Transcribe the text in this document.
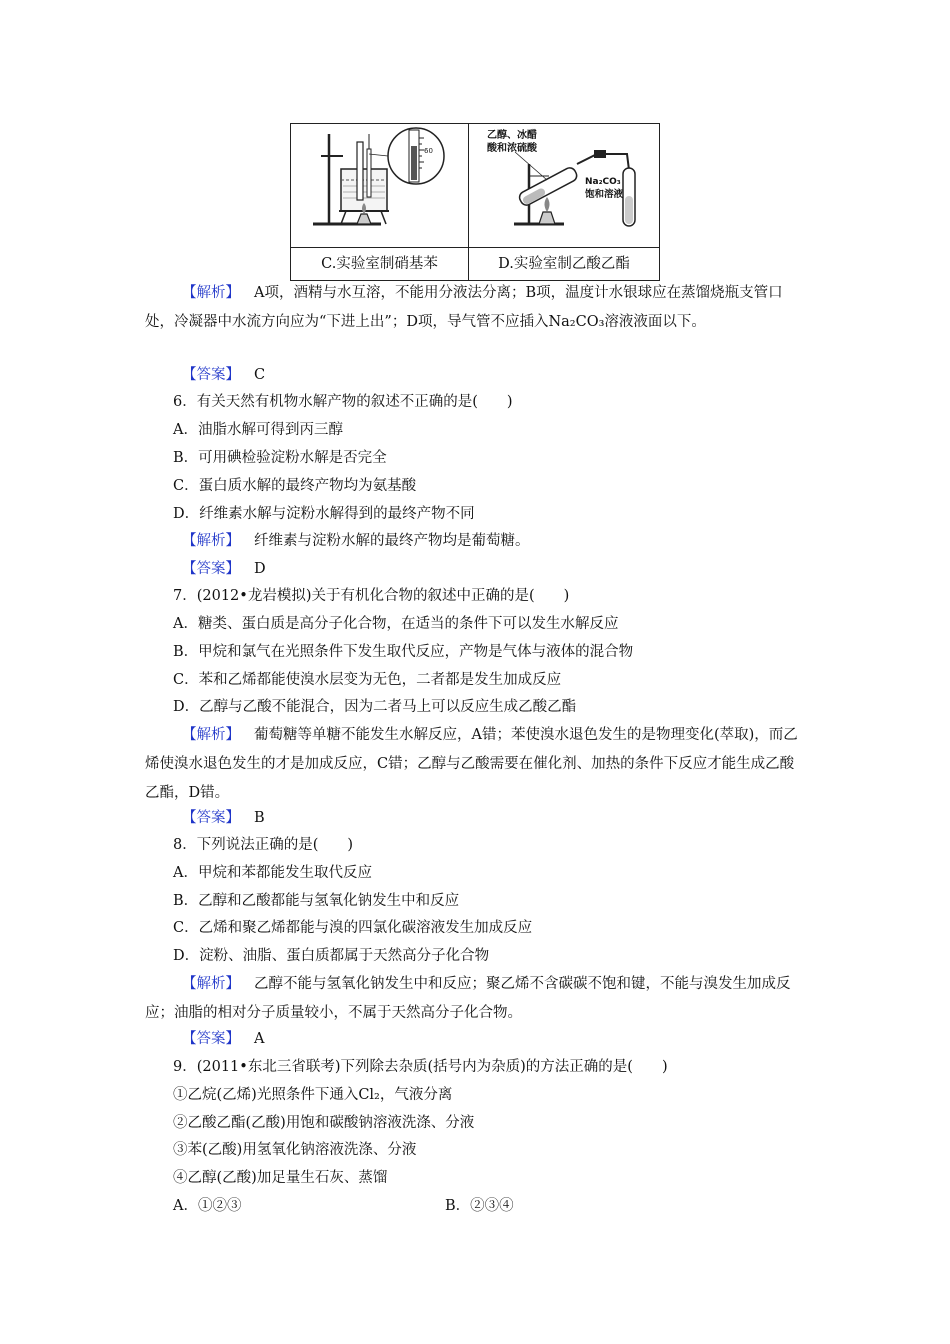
60
乙醇、冰醋
酸和浓硫酸
Na₂CO₃
饱和溶液
C.实验室制硝基苯	D.实验室制乙酸乙酯
【解析】 A项，酒精与水互溶，不能用分液法分离；B项，温度计水银球应在蒸馏烧瓶支管口处，冷凝器中水流方向应为“下进上出”；D项，导气管不应插入Na₂CO₃溶液液面以下。
【答案】 C
6．有关天然有机物水解产物的叙述不正确的是(　　)
A．油脂水解可得到丙三醇
B．可用碘检验淀粉水解是否完全
C．蛋白质水解的最终产物均为氨基酸
D．纤维素水解与淀粉水解得到的最终产物不同
【解析】 纤维素与淀粉水解的最终产物均是葡萄糖。
【答案】 D
7．(2012•龙岩模拟)关于有机化合物的叙述中正确的是(　　)
A．糖类、蛋白质是高分子化合物，在适当的条件下可以发生水解反应
B．甲烷和氯气在光照条件下发生取代反应，产物是气体与液体的混合物
C．苯和乙烯都能使溴水层变为无色，二者都是发生加成反应
D．乙醇与乙酸不能混合，因为二者马上可以反应生成乙酸乙酯
【解析】 葡萄糖等单糖不能发生水解反应，A错；苯使溴水退色发生的是物理变化(萃取)，而乙烯使溴水退色发生的才是加成反应，C错；乙醇与乙酸需要在催化剂、加热的条件下反应才能生成乙酸乙酯，D错。
【答案】 B
8．下列说法正确的是(　　)
A．甲烷和苯都能发生取代反应
B．乙醇和乙酸都能与氢氧化钠发生中和反应
C．乙烯和聚乙烯都能与溴的四氯化碳溶液发生加成反应
D．淀粉、油脂、蛋白质都属于天然高分子化合物
【解析】 乙醇不能与氢氧化钠发生中和反应；聚乙烯不含碳碳不饱和键，不能与溴发生加成反应；油脂的相对分子质量较小，不属于天然高分子化合物。
【答案】 A
9．(2011•东北三省联考)下列除去杂质(括号内为杂质)的方法正确的是(　　)
①乙烷(乙烯)光照条件下通入Cl₂，气液分离
②乙酸乙酯(乙酸)用饱和碳酸钠溶液洗涤、分液
③苯(乙酸)用氢氧化钠溶液洗涤、分液
④乙醇(乙酸)加足量生石灰、蒸馏
A．①②③	B．②③④
